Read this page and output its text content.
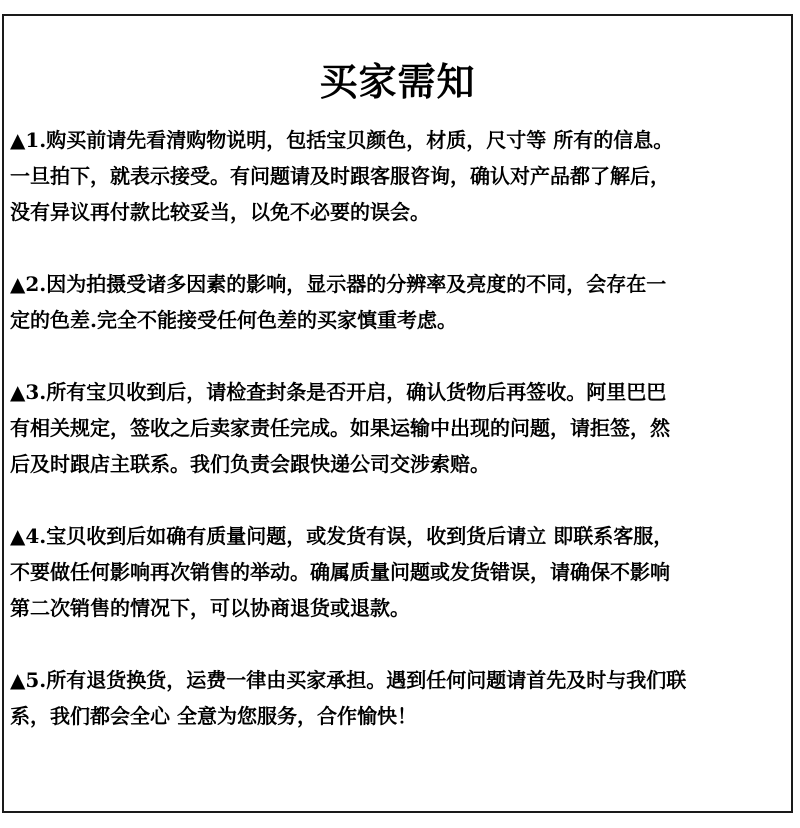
买家需知

▲1.购买前请先看清购物说明，包括宝贝颜色，材质，尺寸等 所有的信息。
一旦拍下，就表示接受。有问题请及时跟客服咨询，确认对产品都了解后，
没有异议再付款比较妥当，以免不必要的误会。

▲2.因为拍摄受诸多因素的影响，显示器的分辨率及亮度的不同，会存在一
定的色差.完全不能接受任何色差的买家慎重考虑。

▲3.所有宝贝收到后，请检查封条是否开启，确认货物后再签收。阿里巴巴
有相关规定，签收之后卖家责任完成。如果运输中出现的问题，请拒签，然
后及时跟店主联系。我们负责会跟快递公司交涉索赔。

▲4.宝贝收到后如确有质量问题，或发货有误，收到货后请立 即联系客服，
不要做任何影响再次销售的举动。确属质量问题或发货错误，请确保不影响
第二次销售的情况下，可以协商退货或退款。

▲5.所有退货换货，运费一律由买家承担。遇到任何问题请首先及时与我们联
系，我们都会全心 全意为您服务，合作愉快！
